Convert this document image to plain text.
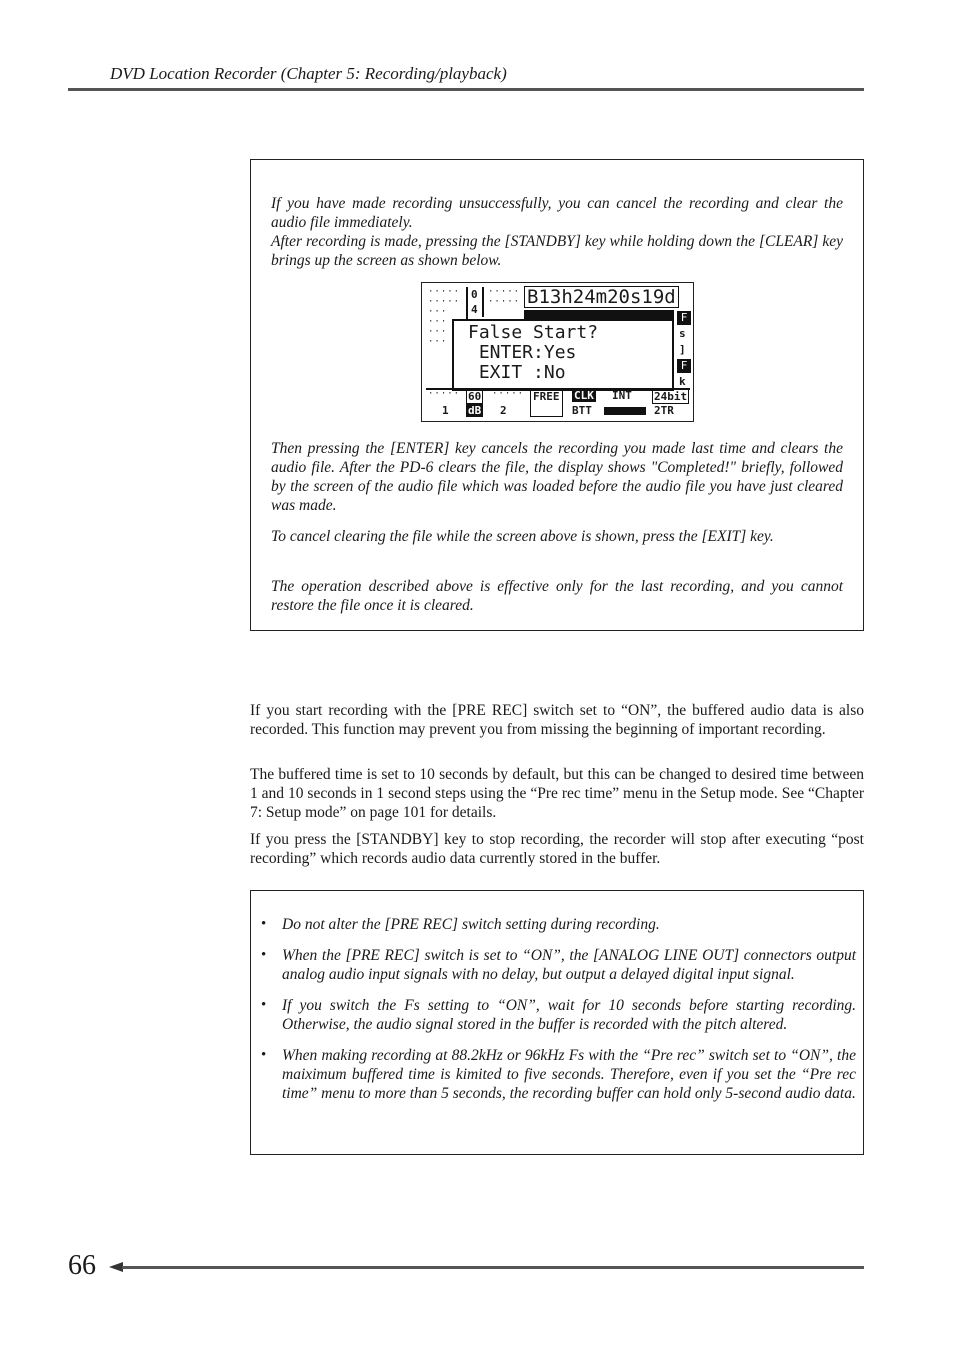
DVD Location Recorder (Chapter 5: Recording/playback)

If you have made recording unsuccessfully, you can cancel the recording and clear the audio file immediately.

After recording is made, pressing the [STANDBY] key while holding down the [CLEAR] key brings up the screen as shown below.

·····
·····
···
···
···
···
0
4
·····
····· B13h24m20s19d
F
s
]
F
k
False Start?
ENTER:Yes
EXIT :No
····· 60 ····· FREE CLK INT 24bit
1 dB 2	BTT	2TR

Then pressing the [ENTER] key cancels the recording you made last time and clears the audio file. After the PD-6 clears the file, the display shows "Completed!" briefly, followed by the screen of the audio file which was loaded before the audio file you have just cleared was made.

To cancel clearing the file while the screen above is shown, press the [EXIT] key.

The operation described above is effective only for the last recording, and you cannot restore the file once it is cleared.

If you start recording with the [PRE REC] switch set to “ON”, the buffered audio data is also recorded. This function may prevent you from missing the beginning of important recording.

The buffered time is set to 10 seconds by default, but this can be changed to desired time between 1 and 10 seconds in 1 second steps using the “Pre rec time” menu in the Setup mode. See “Chapter 7: Setup mode” on page 101 for details.

If you press the [STANDBY] key to stop recording, the recorder will stop after executing “post recording” which records audio data currently stored in the buffer.

• Do not alter the [PRE REC] switch setting during recording.
• When the [PRE REC] switch is set to “ON”, the [ANALOG LINE OUT] connectors output analog audio input signals with no delay, but output a delayed digital input signal.
• If you switch the Fs setting to “ON”, wait for 10 seconds before starting recording. Otherwise, the audio signal stored in the buffer is recorded with the pitch altered.
• When making recording at 88.2kHz or 96kHz Fs with the “Pre rec” switch set to “ON”, the maiximum buffered time is kimited to five seconds. Therefore, even if you set the “Pre rec time” menu to more than 5 seconds, the recording buffer can hold only 5-second audio data.
66
